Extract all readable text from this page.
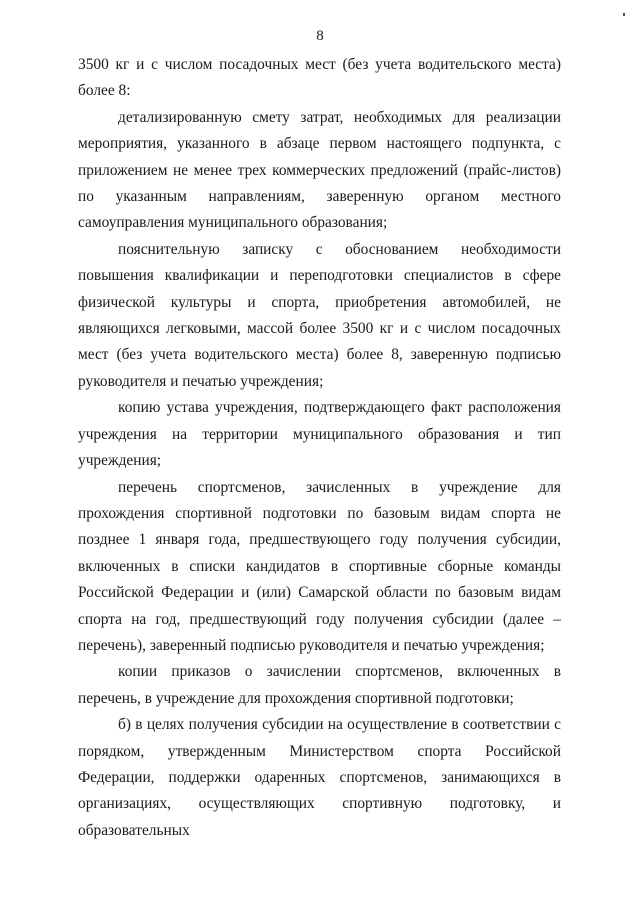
8

3500 кг и с числом посадочных мест (без учета водительского места) более 8:

детализированную смету затрат, необходимых для реализации мероприятия, указанного в абзаце первом настоящего подпункта, с приложением не менее трех коммерческих предложений (прайс-листов) по указанным направлениям, заверенную органом местного самоуправления муниципального образования;

пояснительную записку с обоснованием необходимости повышения квалификации и переподготовки специалистов в сфере физической культуры и спорта, приобретения автомобилей, не являющихся легковыми, массой более 3500 кг и с числом посадочных мест (без учета водительского места) более 8, заверенную подписью руководителя и печатью учреждения;

копию устава учреждения, подтверждающего факт расположения учреждения на территории муниципального образования и тип учреждения;

перечень спортсменов, зачисленных в учреждение для прохождения спортивной подготовки по базовым видам спорта не позднее 1 января года, предшествующего году получения субсидии, включенных в списки кандидатов в спортивные сборные команды Российской Федерации и (или) Самарской области по базовым видам спорта на год, предшествующий году получения субсидии (далее – перечень), заверенный подписью руководителя и печатью учреждения;

копии приказов о зачислении спортсменов, включенных в перечень, в учреждение для прохождения спортивной подготовки;

б) в целях получения субсидии на осуществление в соответствии с порядком, утвержденным Министерством спорта Российской Федерации, поддержки одаренных спортсменов, занимающихся в организациях, осуществляющих спортивную подготовку, и образовательных
